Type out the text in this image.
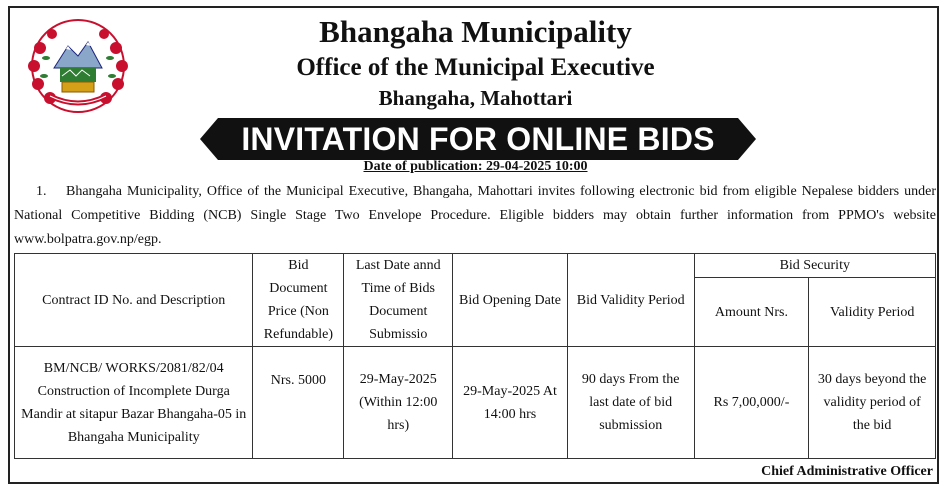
Bhangaha Municipality
Office of the Municipal Executive
Bhangaha, Mahottari
INVITATION FOR ONLINE BIDS
Date of publication: 29-04-2025 10:00
1. Bhangaha Municipality, Office of the Municipal Executive, Bhangaha, Mahottari invites following electronic bid from eligible Nepalese bidders under National Competitive Bidding (NCB) Single Stage Two Envelope Procedure. Eligible bidders may obtain further information from PPMO's website www.bolpatra.gov.np/egp.
Contract ID No. and Description	Bid Document Price (Non Refundable)	Last Date annd Time of Bids Document Submissio	Bid Opening Date	Bid Validity Period	Bid Security	
					Amount Nrs.	Validity Period
BM/NCB/ WORKS/2081/82/04 Construction of Incomplete Durga Mandir at sitapur Bazar Bhangaha-05 in Bhangaha Municipality	Nrs. 5000	29-May-2025 (Within 12:00 hrs)	29-May-2025 At 14:00 hrs	90 days From the last date of bid submission	Rs 7,00,000/-	30 days beyond the validity period of the bid
Chief Administrative Officer
